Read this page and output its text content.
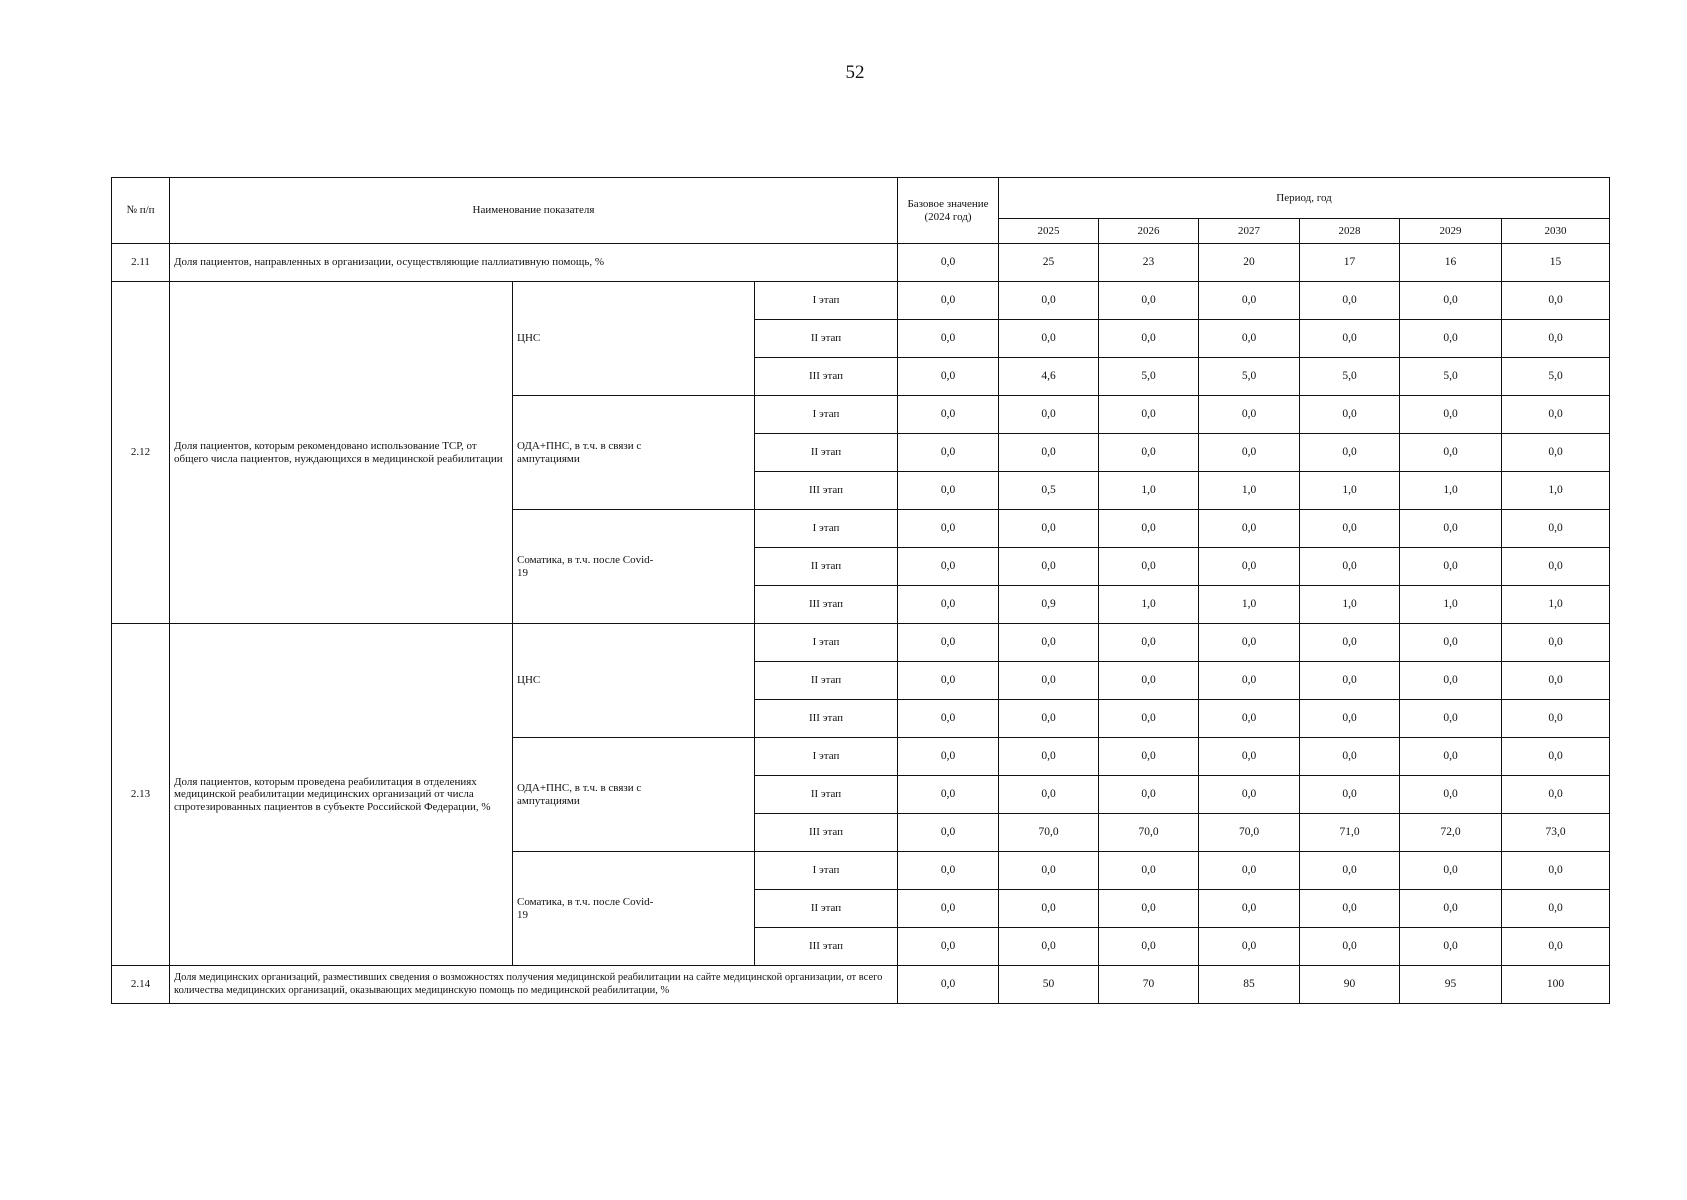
52
№ п/п	Наименование показателя			Базовое значение (2024 год)	Период, год					
					2025	2026	2027	2028	2029	2030
2.11	Доля пациентов, направленных в организации, осуществляющие паллиативную помощь, %			0,0	25	23	20	17	16	15
2.12	Доля пациентов, которым рекомендовано использование ТСР, от общего числа пациентов, нуждающихся в медицинской реабилитации	ЦНС	I этап	0,0	0,0	0,0	0,0	0,0	0,0	0,0
			II этап	0,0	0,0	0,0	0,0	0,0	0,0	0,0
			III этап	0,0	4,6	5,0	5,0	5,0	5,0	5,0
		ОДА+ПНС, в т.ч. в связи с ампутациями	I этап	0,0	0,0	0,0	0,0	0,0	0,0	0,0
			II этап	0,0	0,0	0,0	0,0	0,0	0,0	0,0
			III этап	0,0	0,5	1,0	1,0	1,0	1,0	1,0
		Соматика, в т.ч. после Covid-19	I этап	0,0	0,0	0,0	0,0	0,0	0,0	0,0
			II этап	0,0	0,0	0,0	0,0	0,0	0,0	0,0
			III этап	0,0	0,9	1,0	1,0	1,0	1,0	1,0
2.13	Доля пациентов, которым проведена реабилитация в отделениях медицинской реабилитации медицинских организаций от числа спротезированных пациентов в субъекте Российской Федерации, %	ЦНС	I этап	0,0	0,0	0,0	0,0	0,0	0,0	0,0
			II этап	0,0	0,0	0,0	0,0	0,0	0,0	0,0
			III этап	0,0	0,0	0,0	0,0	0,0	0,0	0,0
		ОДА+ПНС, в т.ч. в связи с ампутациями	I этап	0,0	0,0	0,0	0,0	0,0	0,0	0,0
			II этап	0,0	0,0	0,0	0,0	0,0	0,0	0,0
			III этап	0,0	70,0	70,0	70,0	71,0	72,0	73,0
		Соматика, в т.ч. после Covid-19	I этап	0,0	0,0	0,0	0,0	0,0	0,0	0,0
			II этап	0,0	0,0	0,0	0,0	0,0	0,0	0,0
			III этап	0,0	0,0	0,0	0,0	0,0	0,0	0,0
2.14	Доля медицинских организаций, разместивших сведения о возможностях получения медицинской реабилитации на сайте медицинской организации, от всего количества медицинских организаций, оказывающих медицинскую помощь по медицинской реабилитации, %			0,0	50	70	85	90	95	100
